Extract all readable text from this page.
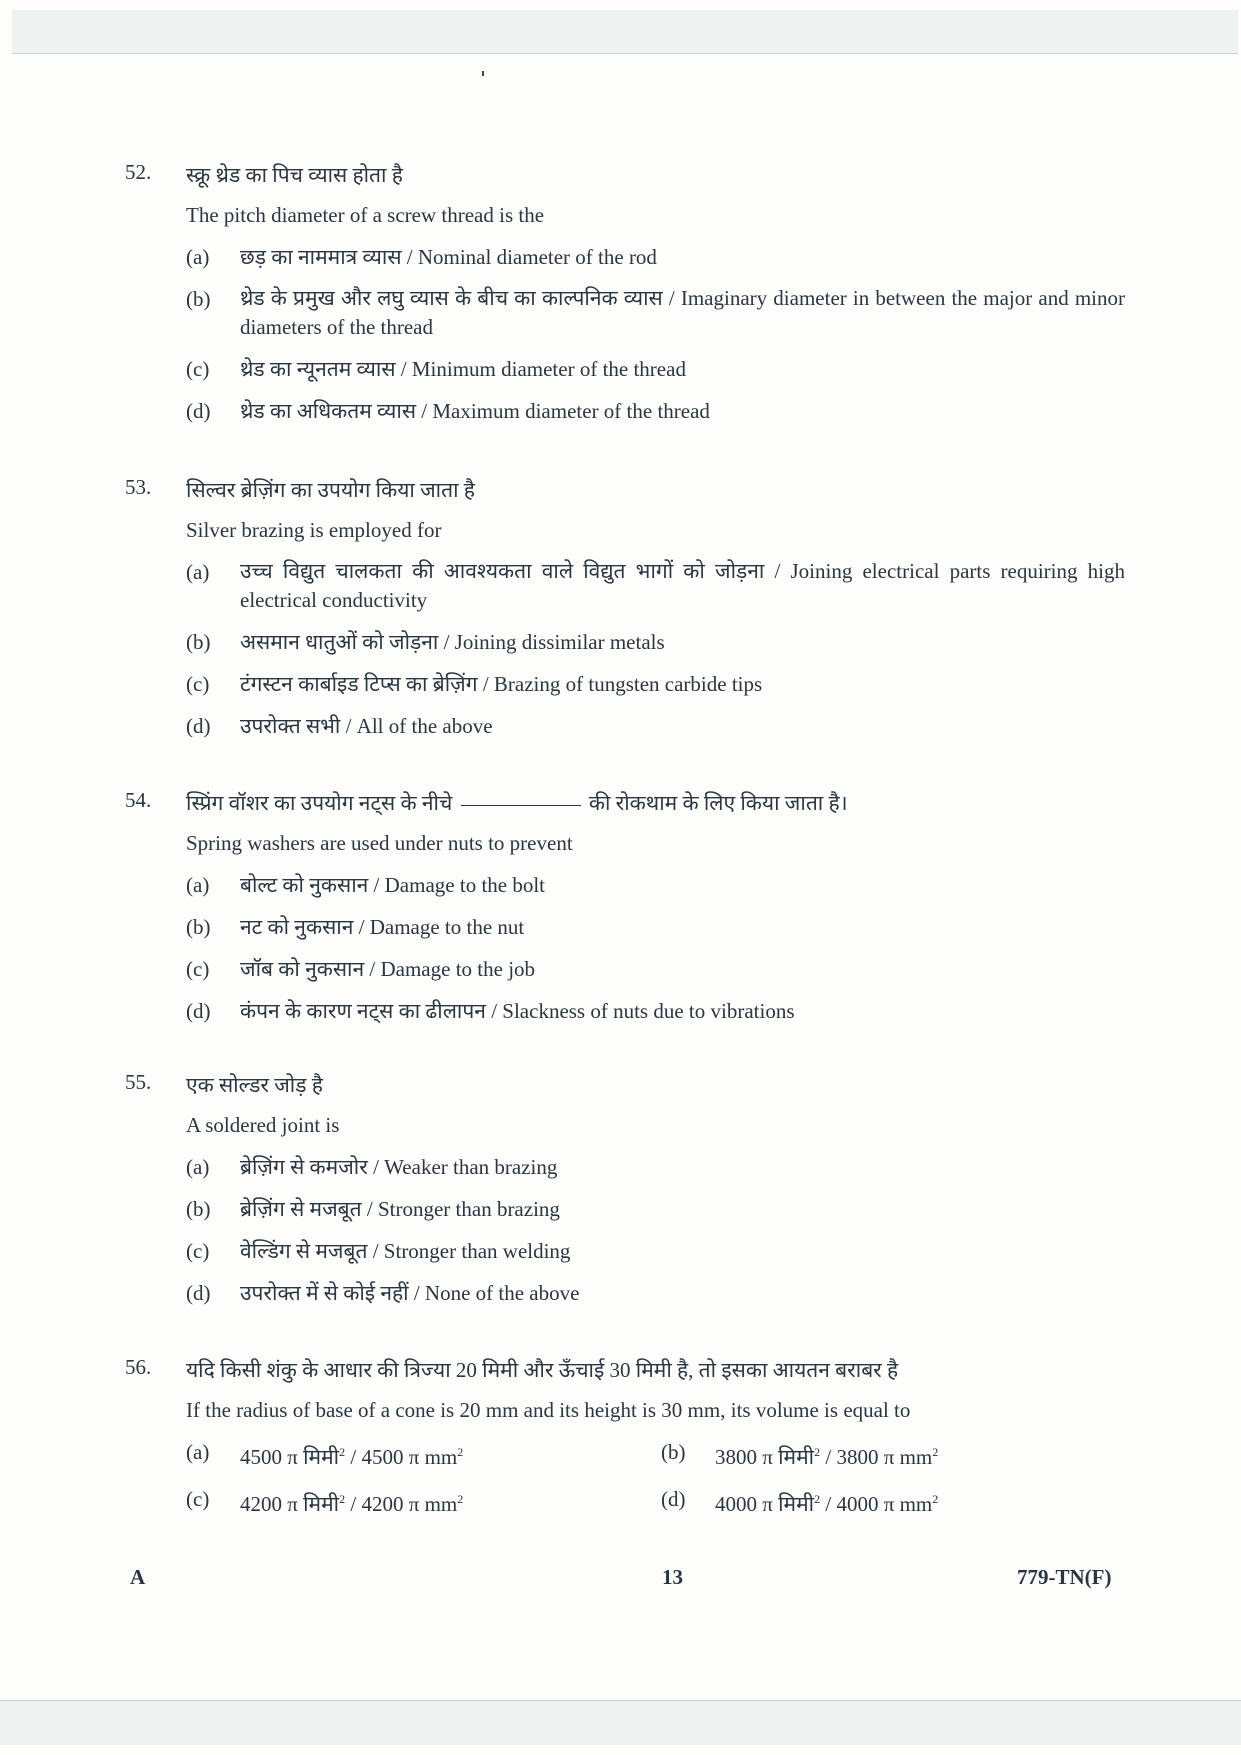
52. स्क्रू थ्रेड का पिच व्यास होता है
The pitch diameter of a screw thread is the
(a)	छड़ का नाममात्र व्यास / Nominal diameter of the rod
(b)	थ्रेड के प्रमुख और लघु व्यास के बीच का काल्पनिक व्यास / Imaginary diameter in between the major and minor diameters of the thread
(c)	थ्रेड का न्यूनतम व्यास / Minimum diameter of the thread
(d)	थ्रेड का अधिकतम व्यास / Maximum diameter of the thread
53. सिल्वर ब्रेज़िंग का उपयोग किया जाता है
Silver brazing is employed for
(a)	उच्च विद्युत चालकता की आवश्यकता वाले विद्युत भागों को जोड़ना / Joining electrical parts requiring high electrical conductivity
(b)	असमान धातुओं को जोड़ना / Joining dissimilar metals
(c)	टंगस्टन कार्बाइड टिप्स का ब्रेज़िंग / Brazing of tungsten carbide tips
(d)	उपरोक्त सभी / All of the above
54. स्प्रिंग वॉशर का उपयोग नट्स के नीचे	की रोकथाम के लिए किया जाता है।
Spring washers are used under nuts to prevent
(a)	बोल्ट को नुकसान / Damage to the bolt
(b)	नट को नुकसान / Damage to the nut
(c)	जॉब को नुकसान / Damage to the job
(d)	कंपन के कारण नट्स का ढीलापन / Slackness of nuts due to vibrations
55. एक सोल्डर जोड़ है
A soldered joint is
(a)	ब्रेज़िंग से कमजोर / Weaker than brazing
(b)	ब्रेज़िंग से मजबूत / Stronger than brazing
(c)	वेल्डिंग से मजबूत / Stronger than welding
(d)	उपरोक्त में से कोई नहीं / None of the above
56. यदि किसी शंकु के आधार की त्रिज्या 20 मिमी और ऊँचाई 30 मिमी है, तो इसका आयतन बराबर है
If the radius of base of a cone is 20 mm and its height is 30 mm, its volume is equal to
(a)	4500 π मिमी$^2$ / 4500 π $mm^2$	(b)	3800 π मिमी$^2$ / 3800 π $mm^2$
(c)	4200 π मिमी$^2$ / 4200 π $mm^2$	(d)	4000 π मिमी$^2$ / 4000 π $mm^2$
A	13	779-TN(F)
